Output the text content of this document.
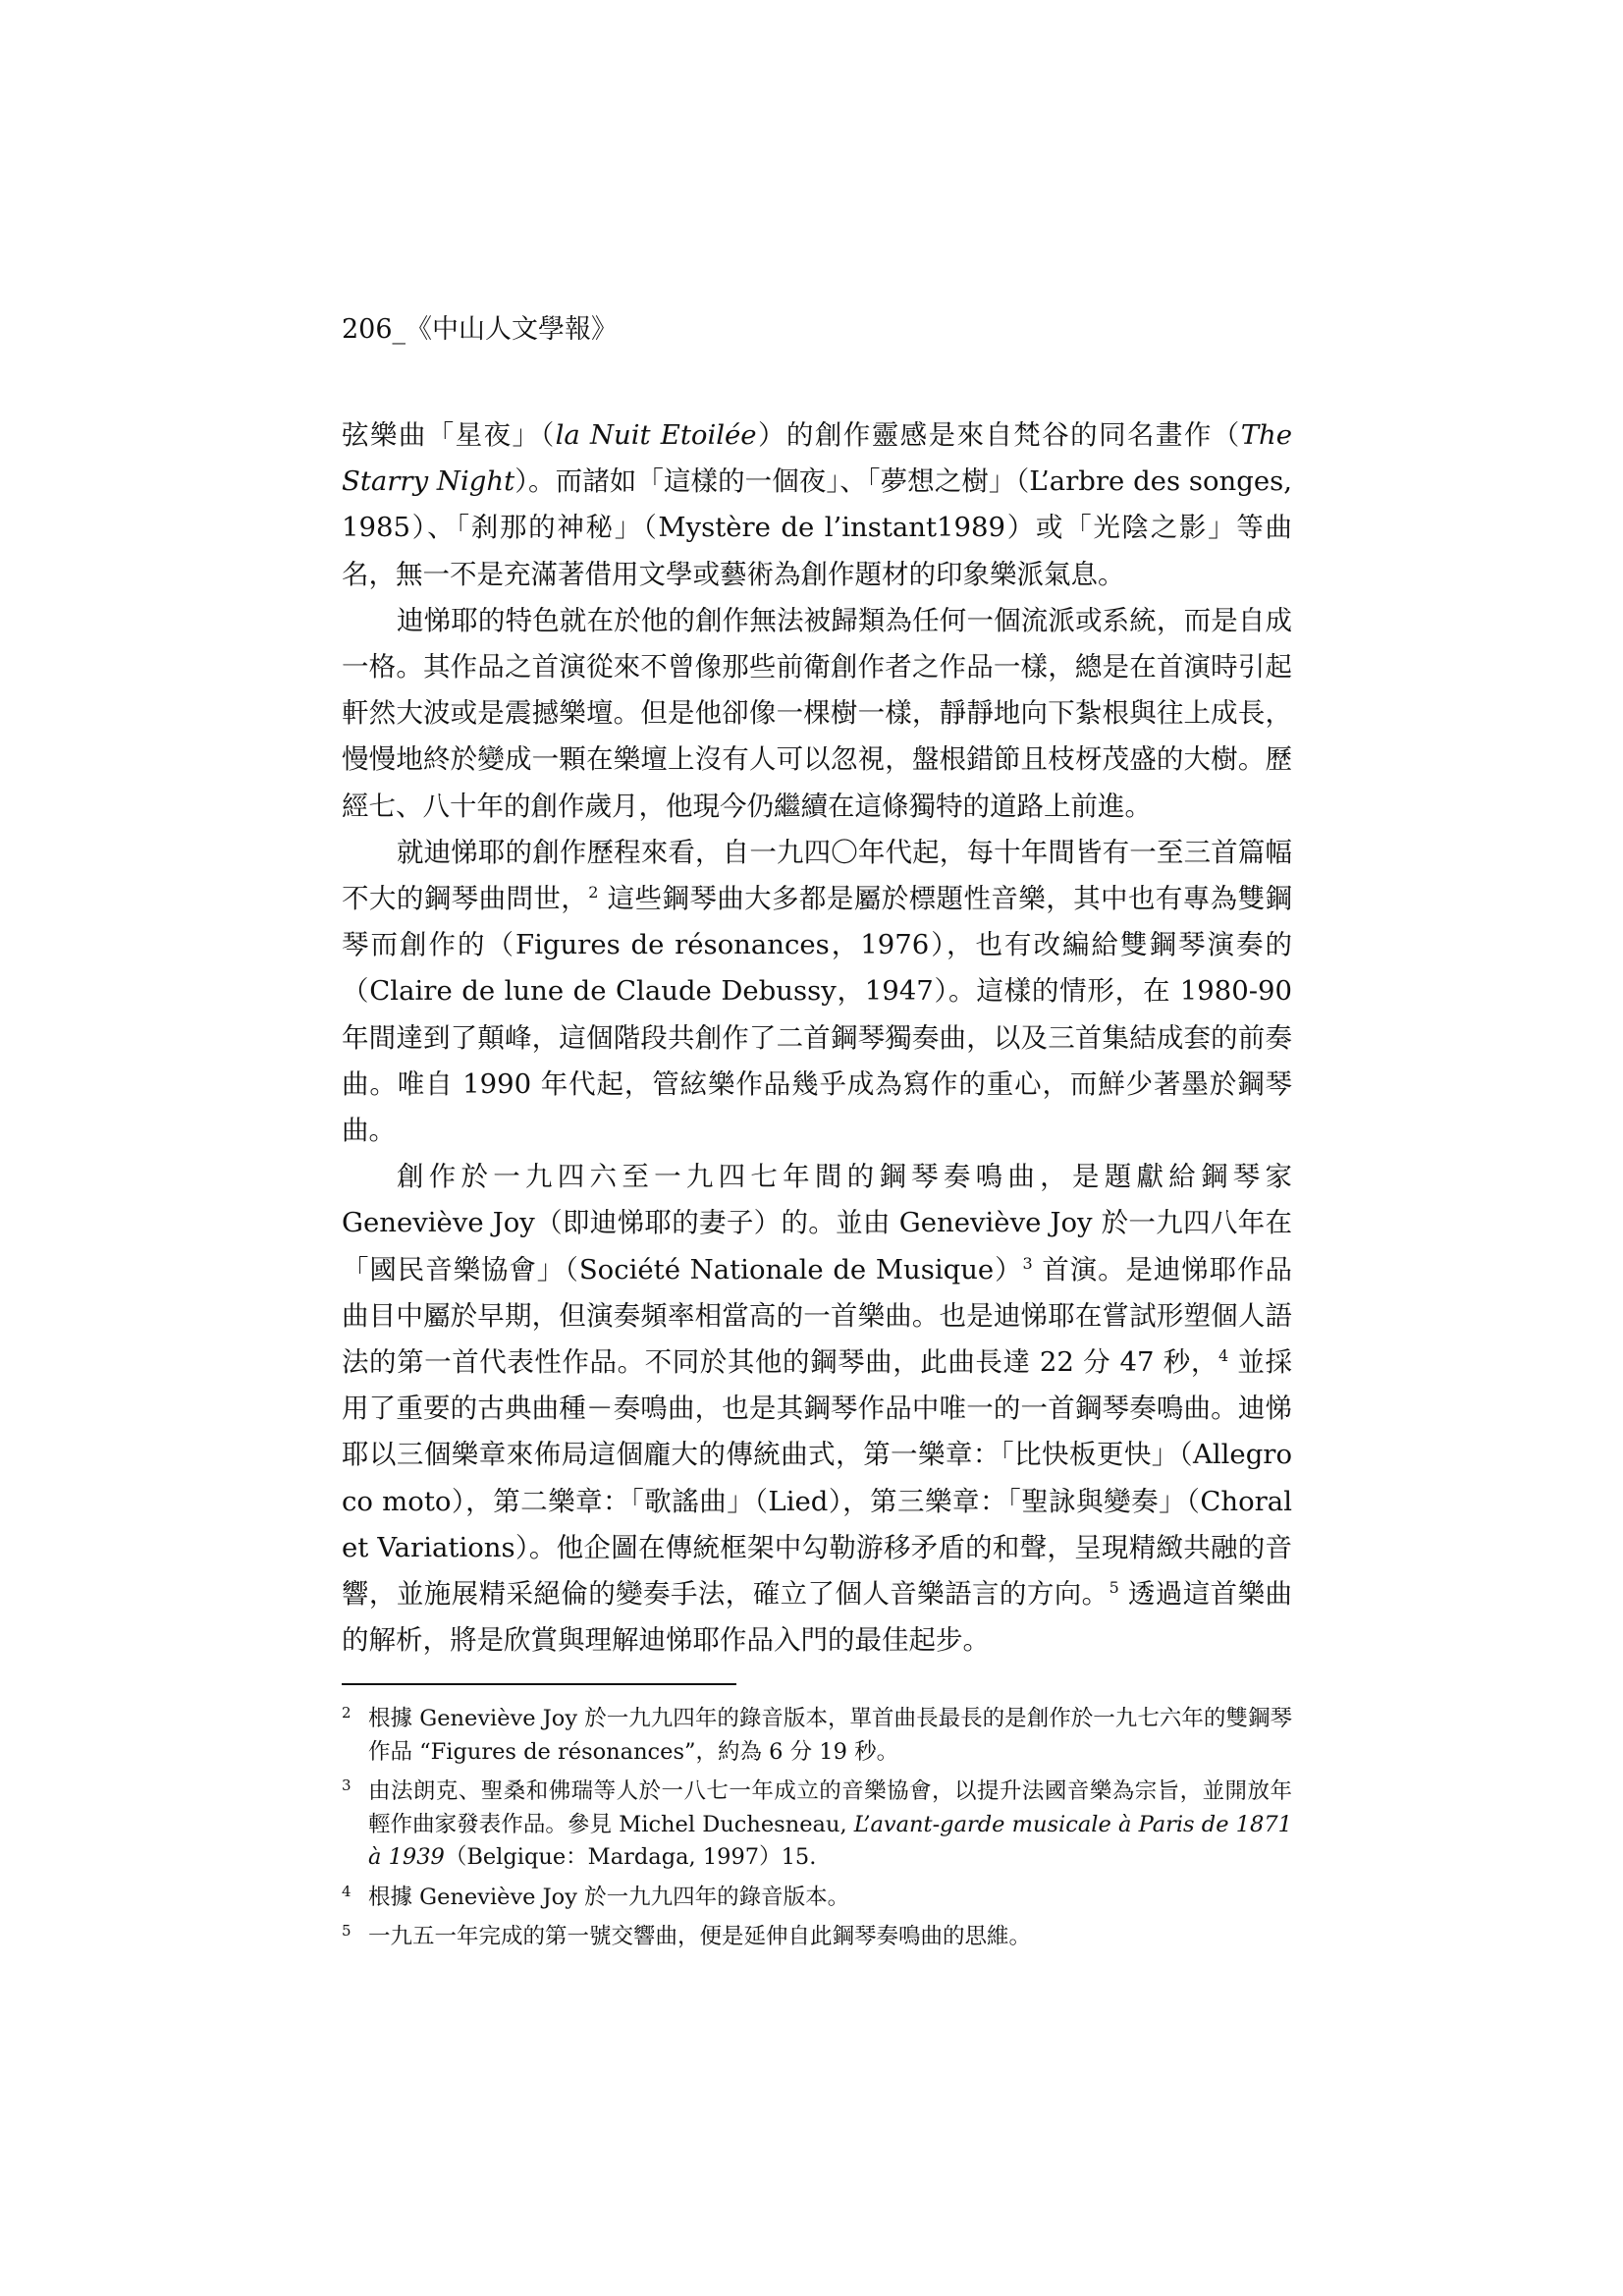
206_《中山人文學報》

弦樂曲「星夜」（la Nuit Etoilée）的創作靈感是來自梵谷的同名畫作（The Starry Night）。而諸如「這樣的一個夜」、「夢想之樹」（L’arbre des songes, 1985）、「刹那的神秘」（Mystère de l’instant1989）或「光陰之影」等曲名，無一不是充滿著借用文學或藝術為創作題材的印象樂派氣息。

迪悌耶的特色就在於他的創作無法被歸類為任何一個流派或系統，而是自成一格。其作品之首演從來不曾像那些前衛創作者之作品一樣，總是在首演時引起軒然大波或是震撼樂壇。但是他卻像一棵樹一樣，靜靜地向下紮根與往上成長，慢慢地終於變成一顆在樂壇上沒有人可以忽視，盤根錯節且枝枒茂盛的大樹。歷經七、八十年的創作歲月，他現今仍繼續在這條獨特的道路上前進。

就迪悌耶的創作歷程來看，自一九四〇年代起，每十年間皆有一至三首篇幅不大的鋼琴曲問世，$^2$ 這些鋼琴曲大多都是屬於標題性音樂，其中也有專為雙鋼琴而創作的（Figures de résonances，1976），也有改編給雙鋼琴演奏的（Claire de lune de Claude Debussy，1947）。這樣的情形，在 1980-90 年間達到了顛峰，這個階段共創作了二首鋼琴獨奏曲，以及三首集結成套的前奏曲。唯自 1990 年代起，管絃樂作品幾乎成為寫作的重心，而鮮少著墨於鋼琴曲。

創作於一九四六至一九四七年間的鋼琴奏鳴曲，是題獻給鋼琴家 Geneviève Joy（即迪悌耶的妻子）的。並由 Geneviève Joy 於一九四八年在「國民音樂協會」（Société Nationale de Musique）$^3$ 首演。是迪悌耶作品曲目中屬於早期，但演奏頻率相當高的一首樂曲。也是迪悌耶在嘗試形塑個人語法的第一首代表性作品。不同於其他的鋼琴曲，此曲長達 22 分 47 秒，$^4$ 並採用了重要的古典曲種－奏鳴曲，也是其鋼琴作品中唯一的一首鋼琴奏鳴曲。迪悌耶以三個樂章來佈局這個龐大的傳統曲式，第一樂章：「比快板更快」（Allegro co moto），第二樂章：「歌謠曲」（Lied），第三樂章：「聖詠與變奏」（Choral et Variations）。他企圖在傳統框架中勾勒游移矛盾的和聲，呈現精緻共融的音響，並施展精采絕倫的變奏手法，確立了個人音樂語言的方向。$^5$ 透過這首樂曲的解析，將是欣賞與理解迪悌耶作品入門的最佳起步。

2 根據 Geneviève Joy 於一九九四年的錄音版本，單首曲長最長的是創作於一九七六年的雙鋼琴作品 “Figures de résonances”，約為 6 分 19 秒。
3 由法朗克、聖桑和佛瑞等人於一八七一年成立的音樂協會，以提升法國音樂為宗旨，並開放年輕作曲家發表作品。參見 Michel Duchesneau, L’avant-garde musicale à Paris de 1871 à 1939（Belgique：Mardaga, 1997）15.
4 根據 Geneviève Joy 於一九九四年的錄音版本。
5 一九五一年完成的第一號交響曲，便是延伸自此鋼琴奏鳴曲的思維。
